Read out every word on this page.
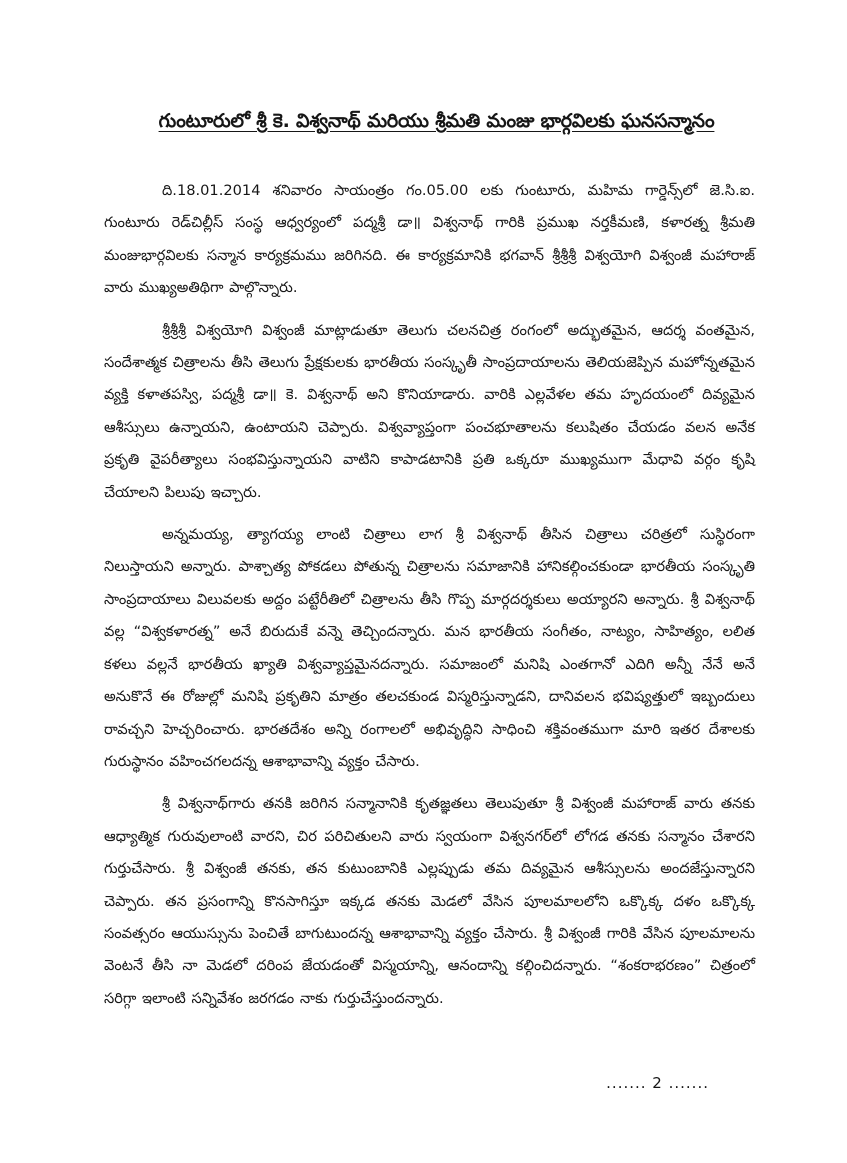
గుంటూరులో శ్రీ కె. విశ్వనాథ్ మరియు శ్రీమతి మంజు భార్గవిలకు ఘనసన్మానం

ది.18.01.2014 శనివారం సాయంత్రం గం.05.00 లకు గుంటూరు, మహిమ గార్డెన్స్‌లో జె.సి.ఐ. గుంటూరు రెడ్‌చిల్లీస్ సంస్థ ఆధ్వర్యంలో పద్మశ్రీ డా॥ విశ్వనాథ్ గారికి ప్రముఖ నర్తకీమణి, కళారత్న శ్రీమతి మంజుభార్గవిలకు సన్మాన కార్యక్రమము జరిగినది. ఈ కార్యక్రమానికి భగవాన్ శ్రీశ్రీశ్రీ విశ్వయోగి విశ్వంజీ మహారాజ్ వారు ముఖ్యఅతిథిగా పాల్గొన్నారు.

శ్రీశ్రీశ్రీ విశ్వయోగి విశ్వంజీ మాట్లాడుతూ తెలుగు చలనచిత్ర రంగంలో అద్భుతమైన, ఆదర్శ వంతమైన, సందేశాత్మక చిత్రాలను తీసి తెలుగు ప్రేక్షకులకు భారతీయ సంస్కృతీ సాంప్రదాయాలను తెలియజెప్పిన మహోన్నతమైన వ్యక్తి కళాతపస్వి, పద్మశ్రీ డా॥ కె. విశ్వనాథ్ అని కొనియాడారు. వారికి ఎల్లవేళల తమ హృదయంలో దివ్యమైన ఆశీస్సులు ఉన్నాయని, ఉంటాయని చెప్పారు. విశ్వవ్యాప్తంగా పంచభూతాలను కలుషితం చేయడం వలన అనేక ప్రకృతి వైపరీత్యాలు సంభవిస్తున్నాయని వాటిని కాపాడటానికి ప్రతి ఒక్కరూ ముఖ్యముగా మేధావి వర్గం కృషి చేయాలని పిలుపు ఇచ్చారు.

అన్నమయ్య, త్యాగయ్య లాంటి చిత్రాలు లాగ శ్రీ విశ్వనాథ్ తీసిన చిత్రాలు చరిత్రలో సుస్థిరంగా నిలుస్తాయని అన్నారు. పాశ్చాత్య పోకడలు పోతున్న చిత్రాలను సమాజానికి హానికల్గించకుండా భారతీయ సంస్కృతి సాంప్రదాయాలు విలువలకు అద్దం పట్టేరీతిలో చిత్రాలను తీసి గొప్ప మార్గదర్శకులు అయ్యారని అన్నారు. శ్రీ విశ్వనాథ్ వల్ల “విశ్వకళారత్న” అనే బిరుదుకే వన్నె తెచ్చిందన్నారు. మన భారతీయ సంగీతం, నాట్యం, సాహిత్యం, లలిత కళలు వల్లనే భారతీయ ఖ్యాతి విశ్వవ్యాప్తమైనదన్నారు. సమాజంలో మనిషి ఎంతగానో ఎదిగి అన్నీ నేనే అనే అనుకొనే ఈ రోజుల్లో మనిషి ప్రకృతిని మాత్రం తలచకుండ విస్మరిస్తున్నాడని, దానివలన భవిష్యత్తులో ఇబ్బందులు రావచ్చని హెచ్చరించారు. భారతదేశం అన్ని రంగాలలో అభివృద్ధిని సాధించి శక్తివంతముగా మారి ఇతర దేశాలకు గురుస్థానం వహించగలదన్న ఆశాభావాన్ని వ్యక్తం చేసారు.

శ్రీ విశ్వనాథ్‌గారు తనకి జరిగిన సన్మానానికి కృతజ్ఞతలు తెలుపుతూ శ్రీ విశ్వంజీ మహారాజ్ వారు తనకు ఆధ్యాత్మిక గురువులాంటి వారని, చిర పరిచితులని వారు స్వయంగా విశ్వనగర్‌లో లోగడ తనకు సన్మానం చేశారని గుర్తుచేసారు. శ్రీ విశ్వంజీ తనకు, తన కుటుంబానికి ఎల్లప్పుడు తమ దివ్యమైన ఆశీస్సులను అందజేస్తున్నారని చెప్పారు. తన ప్రసంగాన్ని కొనసాగిస్తూ ఇక్కడ తనకు మెడలో వేసిన పూలమాలలోని ఒక్కొక్క దళం ఒక్కొక్క సంవత్సరం ఆయుస్సును పెంచితే బాగుటుందన్న ఆశాభావాన్ని వ్యక్తం చేసారు. శ్రీ విశ్వంజీ గారికి వేసిన పూలమాలను వెంటనే తీసి నా మెడలో దరింప జేయడంతో విస్మయాన్ని, ఆనందాన్ని కల్గించిదన్నారు. “శంకరాభరణం” చిత్రంలో సరిగ్గా ఇలాంటి సన్నివేశం జరగడం నాకు గుర్తుచేస్తుందన్నారు.

....... 2 .......
